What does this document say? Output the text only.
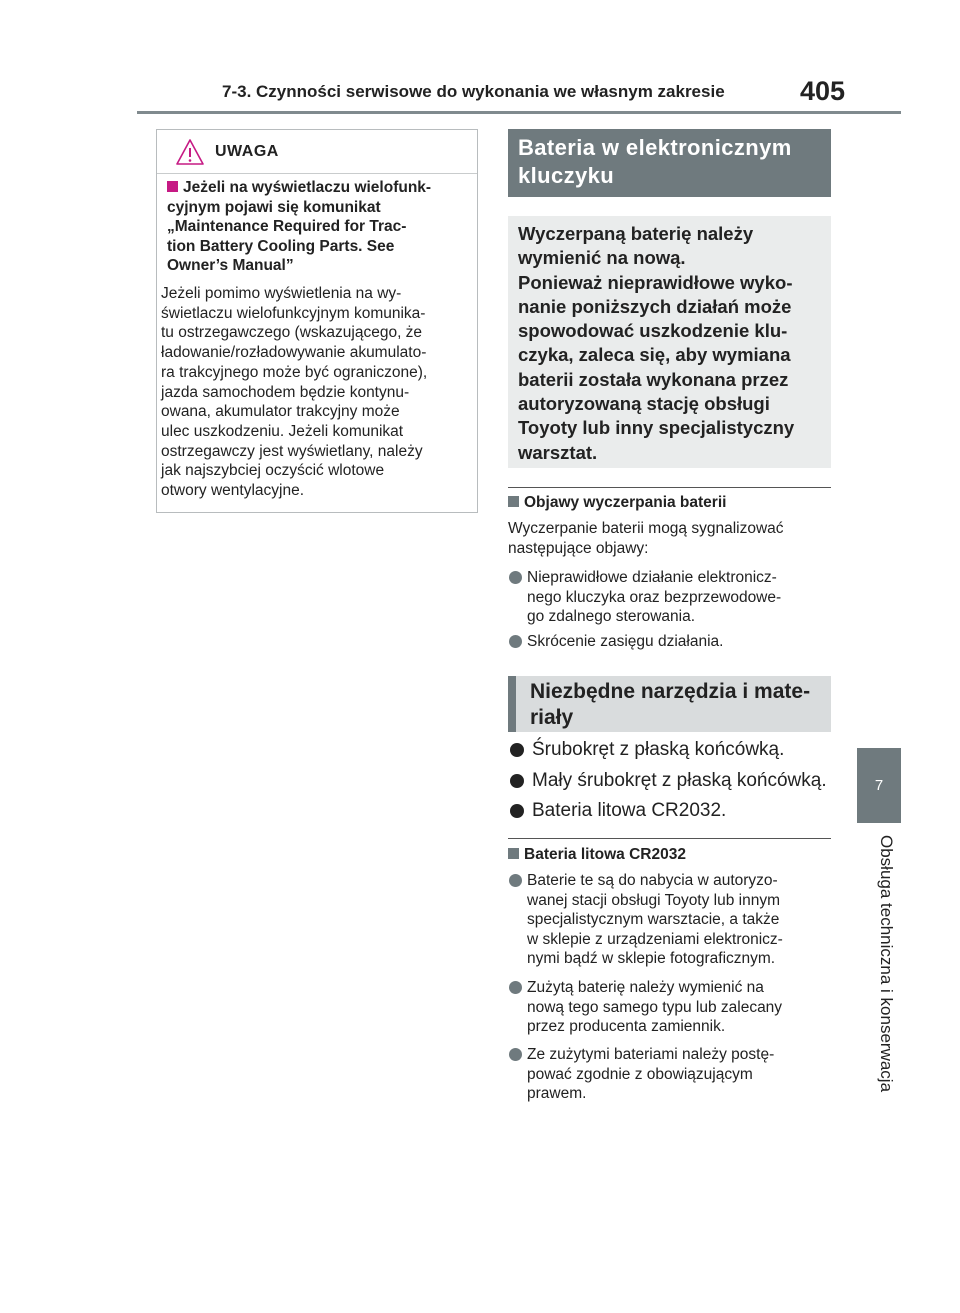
7-3. Czynności serwisowe do wykonania we własnym zakresie	405
7
Obsługa techniczna i konserwacja
UWAGA
Jeżeli na wyświetlaczu wielofunk-
cyjnym pojawi się komunikat
„Maintenance Required for Trac-
tion Battery Cooling Parts. See
Owner’s Manual”
Jeżeli pomimo wyświetlenia na wy-
świetlaczu wielofunkcyjnym komunika-
tu ostrzegawczego (wskazującego, że
ładowanie/rozładowywanie akumulato-
ra trakcyjnego może być ograniczone),
jazda samochodem będzie kontynu-
owana, akumulator trakcyjny może
ulec uszkodzeniu. Jeżeli komunikat
ostrzegawczy jest wyświetlany, należy
jak najszybciej oczyścić wlotowe
otwory wentylacyjne.
Bateria w elektronicznym
kluczyku
Wyczerpaną baterię należy
wymienić na nową.
Ponieważ nieprawidłowe wyko-
nanie poniższych działań może
spowodować uszkodzenie klu-
czyka, zaleca się, aby wymiana
baterii została wykonana przez
autoryzowaną stację obsługi
Toyoty lub inny specjalistyczny
warsztat.
Objawy wyczerpania baterii
Wyczerpanie baterii mogą sygnalizować
następujące objawy:
Nieprawidłowe działanie elektronicz-
nego kluczyka oraz bezprzewodowe-
go zdalnego sterowania.
Skrócenie zasięgu działania.
Niezbędne narzędzia i mate-
riały
Śrubokręt z płaską końcówką.
Mały śrubokręt z płaską końcówką.
Bateria litowa CR2032.
Bateria litowa CR2032
Baterie te są do nabycia w autoryzo-
wanej stacji obsługi Toyoty lub innym
specjalistycznym warsztacie, a także
w sklepie z urządzeniami elektronicz-
nymi bądź w sklepie fotograficznym.
Zużytą baterię należy wymienić na
nową tego samego typu lub zalecany
przez producenta zamiennik.
Ze zużytymi bateriami należy postę-
pować zgodnie z obowiązującym
prawem.
